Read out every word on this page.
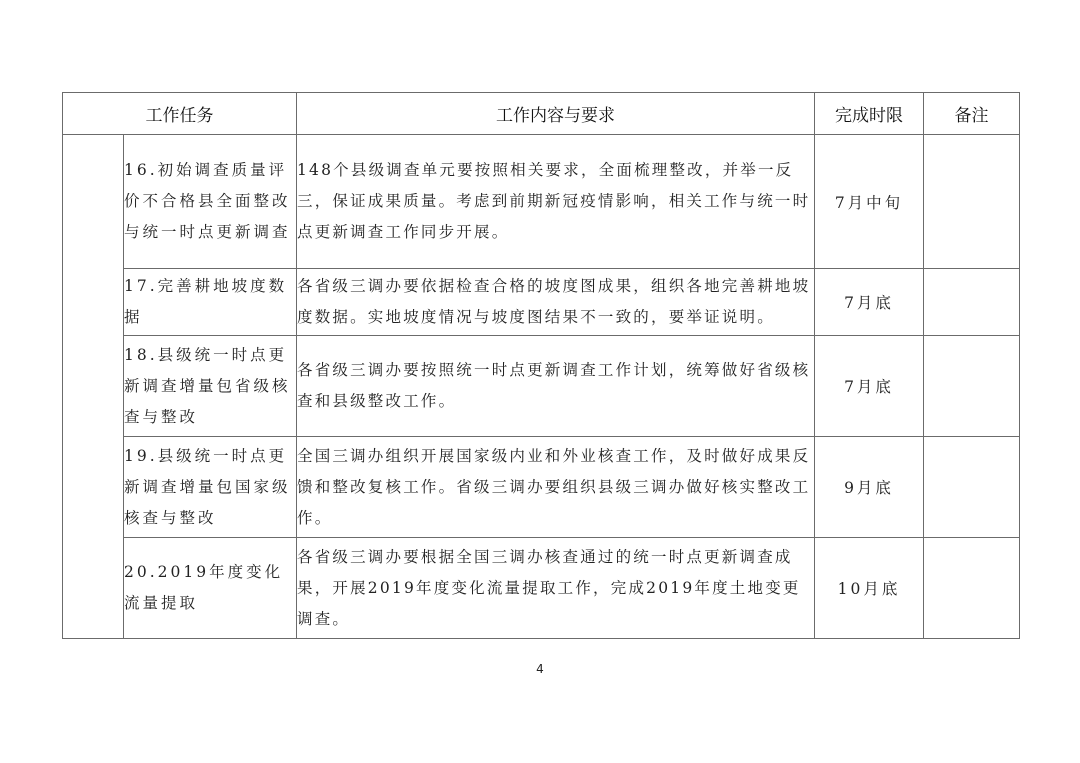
工作任务		工作内容与要求	完成时限	备注
	16.初始调查质量评价不合格县全面整改与统一时点更新调查	148个县级调查单元要按照相关要求，全面梳理整改，并举一反三，保证成果质量。考虑到前期新冠疫情影响，相关工作与统一时点更新调查工作同步开展。	7月中旬	
	17.完善耕地坡度数据	各省级三调办要依据检查合格的坡度图成果，组织各地完善耕地坡度数据。实地坡度情况与坡度图结果不一致的，要举证说明。	7月底	
	18.县级统一时点更新调查增量包省级核查与整改	各省级三调办要按照统一时点更新调查工作计划，统筹做好省级核查和县级整改工作。	7月底	
	19.县级统一时点更新调查增量包国家级核查与整改	全国三调办组织开展国家级内业和外业核查工作，及时做好成果反馈和整改复核工作。省级三调办要组织县级三调办做好核实整改工作。	9月底	
	20.2019年度变化流量提取	各省级三调办要根据全国三调办核查通过的统一时点更新调查成果，开展2019年度变化流量提取工作，完成2019年度土地变更调查。	10月底	
4
